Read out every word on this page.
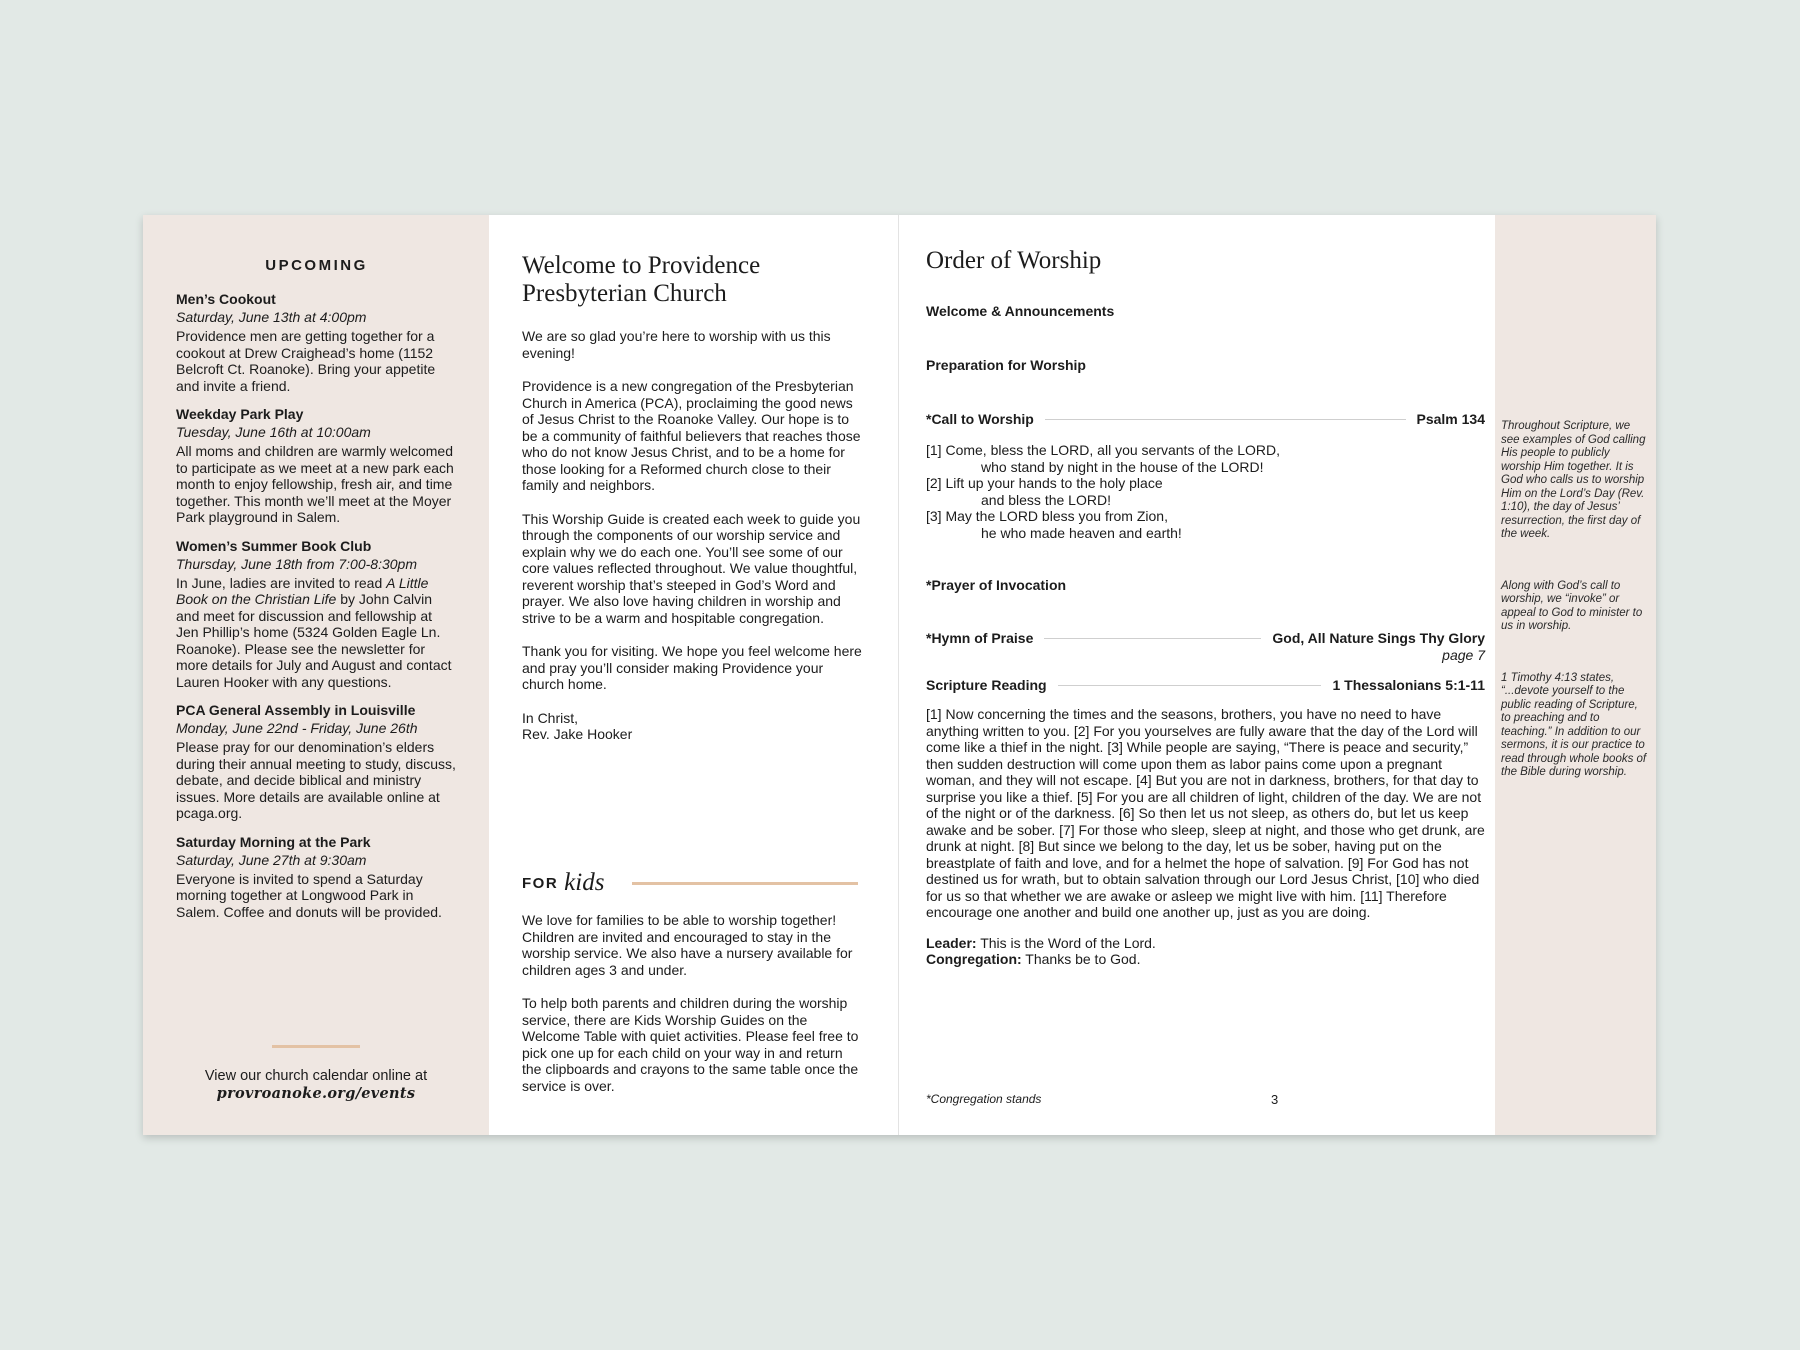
UPCOMING
Men’s Cookout
Saturday, June 13th at 4:00pm
Providence men are getting together for a cookout at Drew Craighead’s home (1152 Belcroft Ct. Roanoke). Bring your appetite and invite a friend.
Weekday Park Play
Tuesday, June 16th at 10:00am
All moms and children are warmly welcomed to participate as we meet at a new park each month to enjoy fellowship, fresh air, and time together. This month we’ll meet at the Moyer Park playground in Salem.
Women’s Summer Book Club
Thursday, June 18th from 7:00-8:30pm
In June, ladies are invited to read A Little Book on the Christian Life by John Calvin and meet for discussion and fellowship at Jen Phillip’s home (5324 Golden Eagle Ln. Roanoke). Please see the newsletter for more details for July and August and contact Lauren Hooker with any questions.
PCA General Assembly in Louisville
Monday, June 22nd - Friday, June 26th
Please pray for our denomination’s elders during their annual meeting to study, discuss, debate, and decide biblical and ministry issues. More details are available online at pcaga.org.
Saturday Morning at the Park
Saturday, June 27th at 9:30am
Everyone is invited to spend a Saturday morning together at Longwood Park in Salem. Coffee and donuts will be provided.
View our church calendar online at
provroanoke.org/events
Welcome to Providence
Presbyterian Church

We are so glad you’re here to worship with us this evening!

Providence is a new congregation of the Presbyterian Church in America (PCA), proclaiming the good news of Jesus Christ to the Roanoke Valley. Our hope is to be a community of faithful believers that reaches those who do not know Jesus Christ, and to be a home for those looking for a Reformed church close to their family and neighbors.

This Worship Guide is created each week to guide you through the components of our worship service and explain why we do each one. You’ll see some of our core values reflected throughout. We value thoughtful, reverent worship that’s steeped in God’s Word and prayer. We also love having children in worship and strive to be a warm and hospitable congregation.

Thank you for visiting. We hope you feel welcome here and pray you’ll consider making Providence your church home.

In Christ,
Rev. Jake Hooker

FOR kids

We love for families to be able to worship together! Children are invited and encouraged to stay in the worship service. We also have a nursery available for children ages 3 and under.

To help both parents and children during the worship service, there are Kids Worship Guides on the Welcome Table with quiet activities. Please feel free to pick one up for each child on your way in and return the clipboards and crayons to the same table once the service is over.

Order of Worship
Welcome & Announcements
Preparation for Worship
*Call to Worship	Psalm 134
[1] Come, bless the LORD, all you servants of the LORD,
who stand by night in the house of the LORD!
[2] Lift up your hands to the holy place
and bless the LORD!
[3] May the LORD bless you from Zion,
he who made heaven and earth!
*Prayer of Invocation
*Hymn of Praise	God, All Nature Sings Thy Glory
page 7
Scripture Reading	1 Thessalonians 5:1-11
[1] Now concerning the times and the seasons, brothers, you have no need to have anything written to you. [2] For you yourselves are fully aware that the day of the Lord will come like a thief in the night. [3] While people are saying, “There is peace and security,” then sudden destruction will come upon them as labor pains come upon a pregnant woman, and they will not escape. [4] But you are not in darkness, brothers, for that day to surprise you like a thief. [5] For you are all children of light, children of the day. We are not of the night or of the darkness. [6] So then let us not sleep, as others do, but let us keep awake and be sober. [7] For those who sleep, sleep at night, and those who get drunk, are drunk at night. [8] But since we belong to the day, let us be sober, having put on the breastplate of faith and love, and for a helmet the hope of salvation. [9] For God has not destined us for wrath, but to obtain salvation through our Lord Jesus Christ, [10] who died for us so that whether we are awake or asleep we might live with him. [11] Therefore encourage one another and build one another up, just as you are doing.
Leader: This is the Word of the Lord.
Congregation: Thanks be to God.
*Congregation stands	3
Throughout Scripture, we see examples of God calling His people to publicly worship Him together. It is God who calls us to worship Him on the Lord’s Day (Rev. 1:10), the day of Jesus’ resurrection, the first day of the week.
Along with God’s call to worship, we “invoke” or appeal to God to minister to us in worship.
1 Timothy 4:13 states, “...devote yourself to the public reading of Scripture, to preaching and to teaching.” In addition to our sermons, it is our practice to read through whole books of the Bible during worship.
